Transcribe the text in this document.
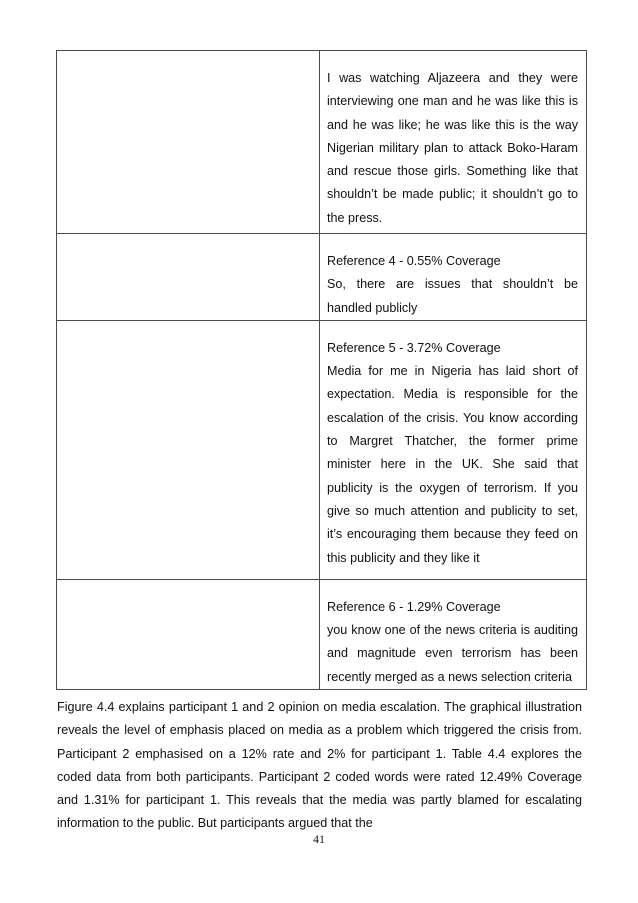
	I was watching Aljazeera and they were interviewing one man and he was like this is and he was like; he was like this is the way Nigerian military plan to attack Boko-Haram and rescue those girls. Something like that shouldn’t be made public; it shouldn’t go to the press.

	Reference 4 - 0.55% Coverage

So, there are issues that shouldn’t be handled publicly

	Reference 5 - 3.72% Coverage

Media for me in Nigeria has laid short of expectation. Media is responsible for the escalation of the crisis. You know according to Margret Thatcher, the former prime minister here in the UK. She said that publicity is the oxygen of terrorism. If you give so much attention and publicity to set, it’s encouraging them because they feed on this publicity and they like it

	Reference 6 - 1.29% Coverage

you know one of the news criteria is auditing and magnitude even terrorism has been recently merged as a news selection criteria

Figure 4.4 explains participant 1 and 2 opinion on media escalation. The graphical illustration reveals the level of emphasis placed on media as a problem which triggered the crisis from. Participant 2 emphasised on a 12% rate and 2% for participant 1. Table 4.4 explores the coded data from both participants. Participant 2 coded words were rated 12.49% Coverage and 1.31% for participant 1. This reveals that the media was partly blamed for escalating information to the public. But participants argued that the

41
